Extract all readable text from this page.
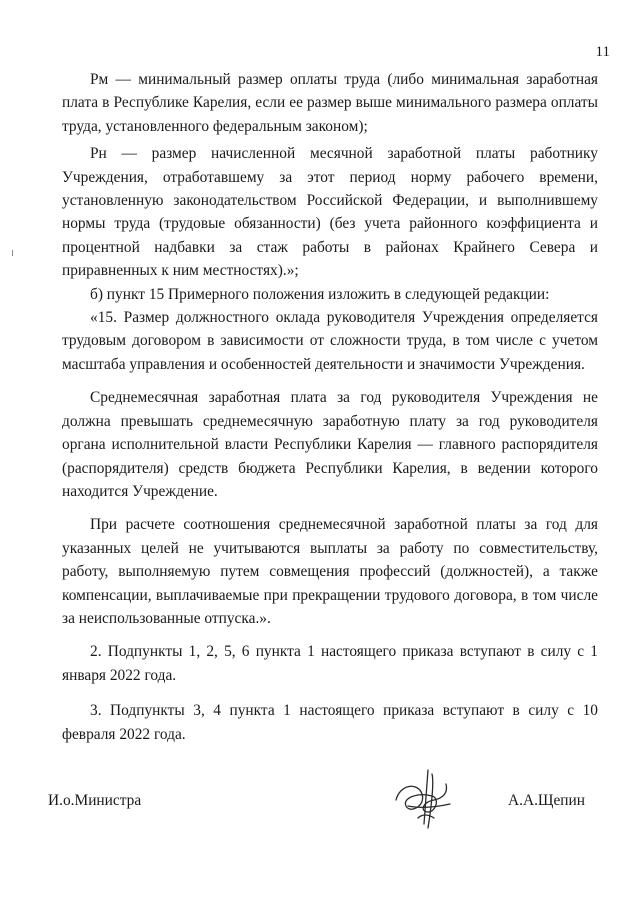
11

Рм — минимальный размер оплаты труда (либо минимальная заработная плата в Республике Карелия, если ее размер выше минимального размера оплаты труда, установленного федеральным законом);

Рн — размер начисленной месячной заработной платы работнику Учреждения, отработавшему за этот период норму рабочего времени, установленную законодательством Российской Федерации, и выполнившему нормы труда (трудовые обязанности) (без учета районного коэффициента и процентной надбавки за стаж работы в районах Крайнего Севера и приравненных к ним местностях).»;

б) пункт 15 Примерного положения изложить в следующей редакции:

«15. Размер должностного оклада руководителя Учреждения определяется трудовым договором в зависимости от сложности труда, в том числе с учетом масштаба управления и особенностей деятельности и значимости Учреждения.

Среднемесячная заработная плата за год руководителя Учреждения не должна превышать среднемесячную заработную плату за год руководителя органа исполнительной власти Республики Карелия — главного распорядителя (распорядителя) средств бюджета Республики Карелия, в ведении которого находится Учреждение.

При расчете соотношения среднемесячной заработной платы за год для указанных целей не учитываются выплаты за работу по совместительству, работу, выполняемую путем совмещения профессий (должностей), а также компенсации, выплачиваемые при прекращении трудового договора, в том числе за неиспользованные отпуска.».

2. Подпункты 1, 2, 5, 6 пункта 1 настоящего приказа вступают в силу с 1 января 2022 года.

3. Подпункты 3, 4 пункта 1 настоящего приказа вступают в силу с 10 февраля 2022 года.

И.о.Министра	А.А.Щепин
